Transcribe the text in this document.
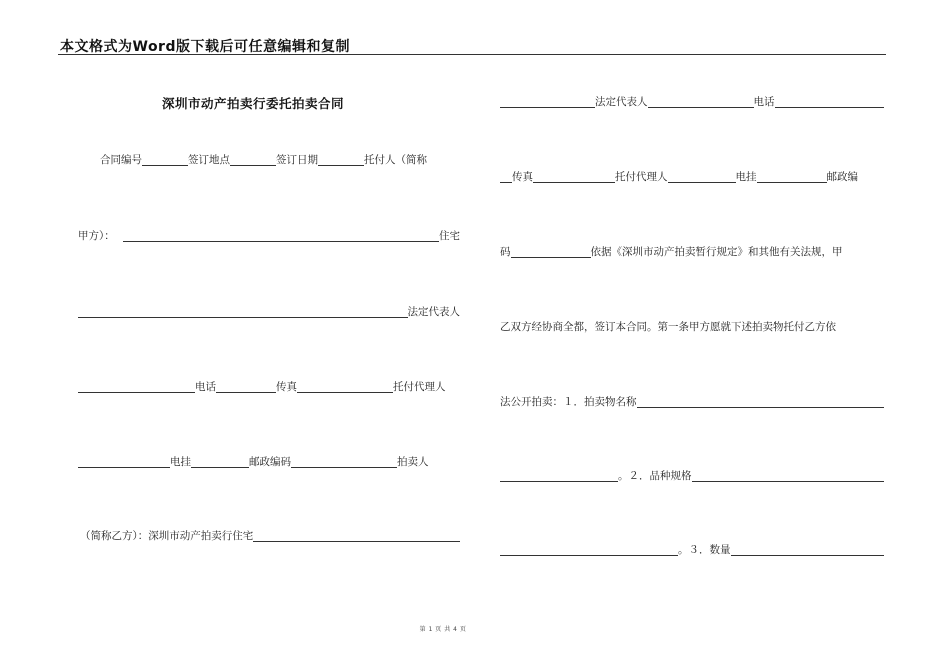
本文格式为Word版下载后可任意编辑和复制
深圳市动产拍卖行委托拍卖合同
合同编号	签订地点	签订日期	托付人（简称
甲方）：	住宅
法定代表人
电话	传真	托付代理人
电挂	邮政编码	拍卖人
（简称乙方）：深圳市动产拍卖行住宅
法定代表人	电话
传真	托付代理人	电挂	邮政编
码	依据《深圳市动产拍卖暂行规定》和其他有关法规，甲
乙双方经协商全都，签订本合同。第一条甲方愿就下述拍卖物托付乙方依
法公开拍卖：１．拍卖物名称
。２．品种规格
。３．数量
第 1 页 共 4 页
